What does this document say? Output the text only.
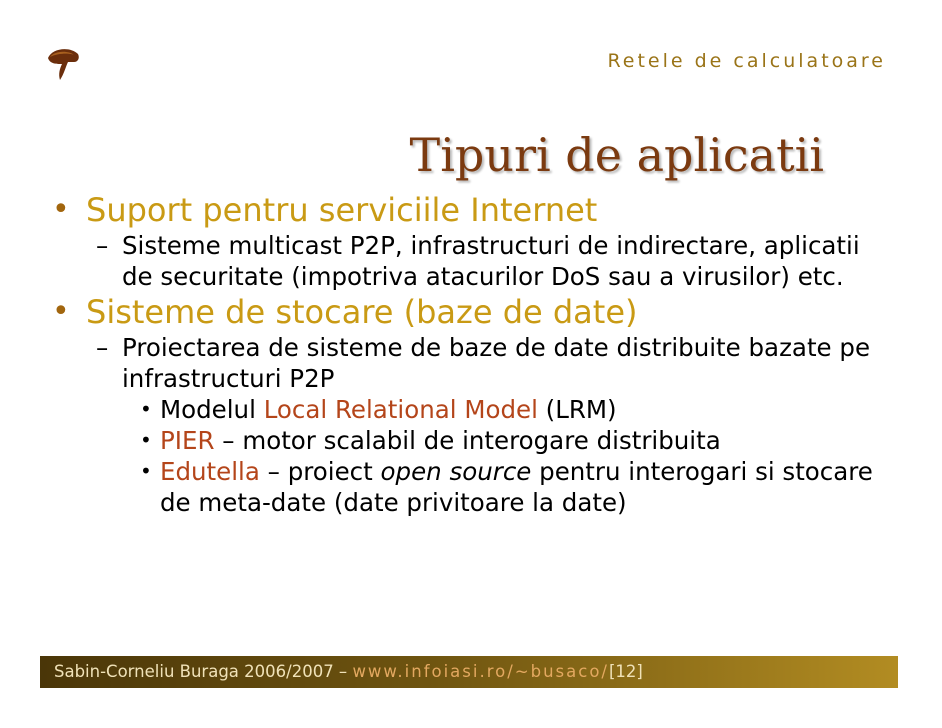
Retele de calculatoare
Tipuri de aplicatii
• Suport pentru serviciile Internet
– Sisteme multicast P2P, infrastructuri de indirectare, aplicatii de securitate (impotriva atacurilor DoS sau a virusilor) etc.
• Sisteme de stocare (baze de date)
– Proiectarea de sisteme de baze de date distribuite bazate pe infrastructuri P2P
• Modelul Local Relational Model (LRM)
• PIER – motor scalabil de interogare distribuita
• Edutella – proiect open source pentru interogari si stocare de meta-date (date privitoare la date)
Sabin-Corneliu Buraga 2006/2007 – www.infoiasi.ro/~busaco/[12]
